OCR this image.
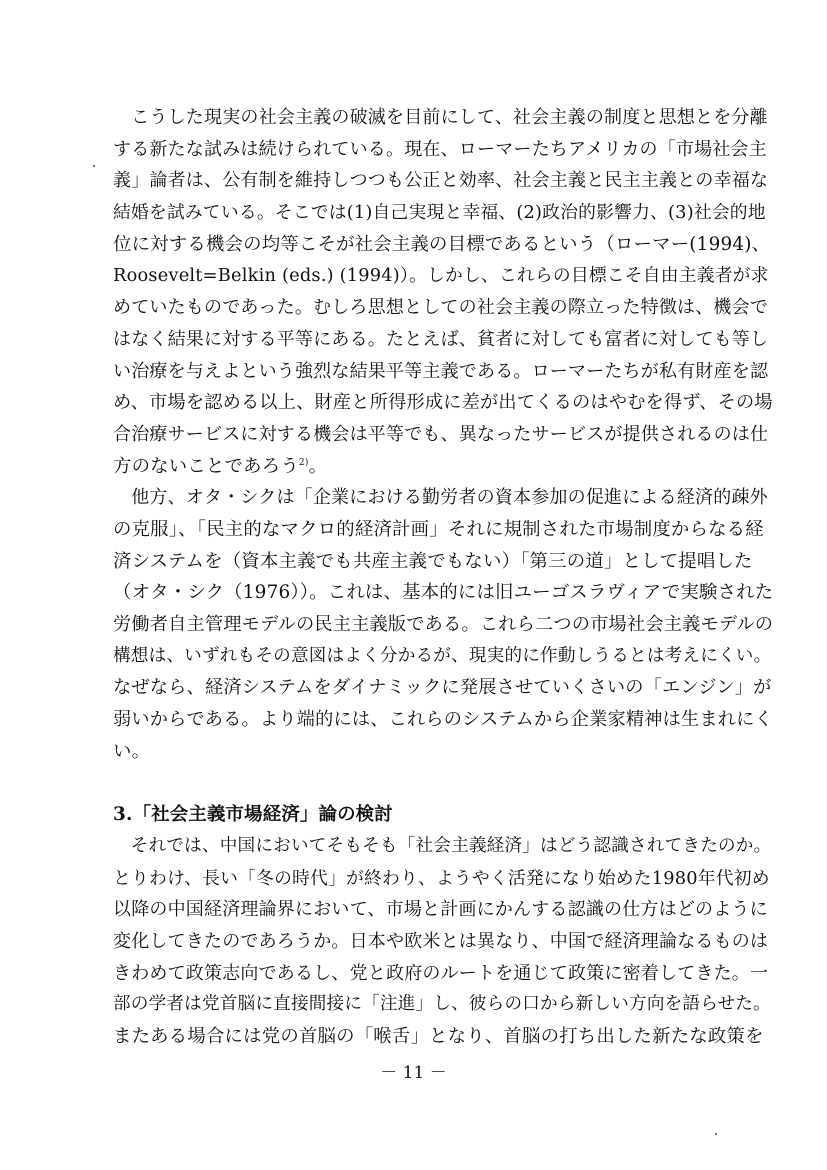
　こうした現実の社会主義の破滅を目前にして、社会主義の制度と思想とを分離
する新たな試みは続けられている。現在、ローマーたちアメリカの「市場社会主
義」論者は、公有制を維持しつつも公正と効率、社会主義と民主主義との幸福な
結婚を試みている。そこでは(1)自己実現と幸福、(2)政治的影響力、(3)社会的地
位に対する機会の均等こそが社会主義の目標であるという（ローマー(1994)、
Roosevelt=Belkin (eds.) (1994)）。しかし、これらの目標こそ自由主義者が求
めていたものであった。むしろ思想としての社会主義の際立った特徴は、機会で
はなく結果に対する平等にある。たとえば、貧者に対しても富者に対しても等し
い治療を与えよという強烈な結果平等主義である。ローマーたちが私有財産を認
め、市場を認める以上、財産と所得形成に差が出てくるのはやむを得ず、その場
合治療サービスに対する機会は平等でも、異なったサービスが提供されるのは仕
方のないことであろう$^{2)}$。
　他方、オタ・シクは「企業における勤労者の資本参加の促進による経済的疎外
の克服」、「民主的なマクロ的経済計画」それに規制された市場制度からなる経
済システムを（資本主義でも共産主義でもない）「第三の道」として提唱した
（オタ・シク（1976））。これは、基本的には旧ユーゴスラヴィアで実験された
労働者自主管理モデルの民主主義版である。これら二つの市場社会主義モデルの
構想は、いずれもその意図はよく分かるが、現実的に作動しうるとは考えにくい。
なぜなら、経済システムをダイナミックに発展させていくさいの「エンジン」が
弱いからである。より端的には、これらのシステムから企業家精神は生まれにく
い。
3.「社会主義市場経済」論の検討
　それでは、中国においてそもそも「社会主義経済」はどう認識されてきたのか。
とりわけ、長い「冬の時代」が終わり、ようやく活発になり始めた1980年代初め
以降の中国経済理論界において、市場と計画にかんする認識の仕方はどのように
変化してきたのであろうか。日本や欧米とは異なり、中国で経済理論なるものは
きわめて政策志向であるし、党と政府のルートを通じて政策に密着してきた。一
部の学者は党首脳に直接間接に「注進」し、彼らの口から新しい方向を語らせた。
またある場合には党の首脳の「喉舌」となり、首脳の打ち出した新たな政策を
－ 11 －
